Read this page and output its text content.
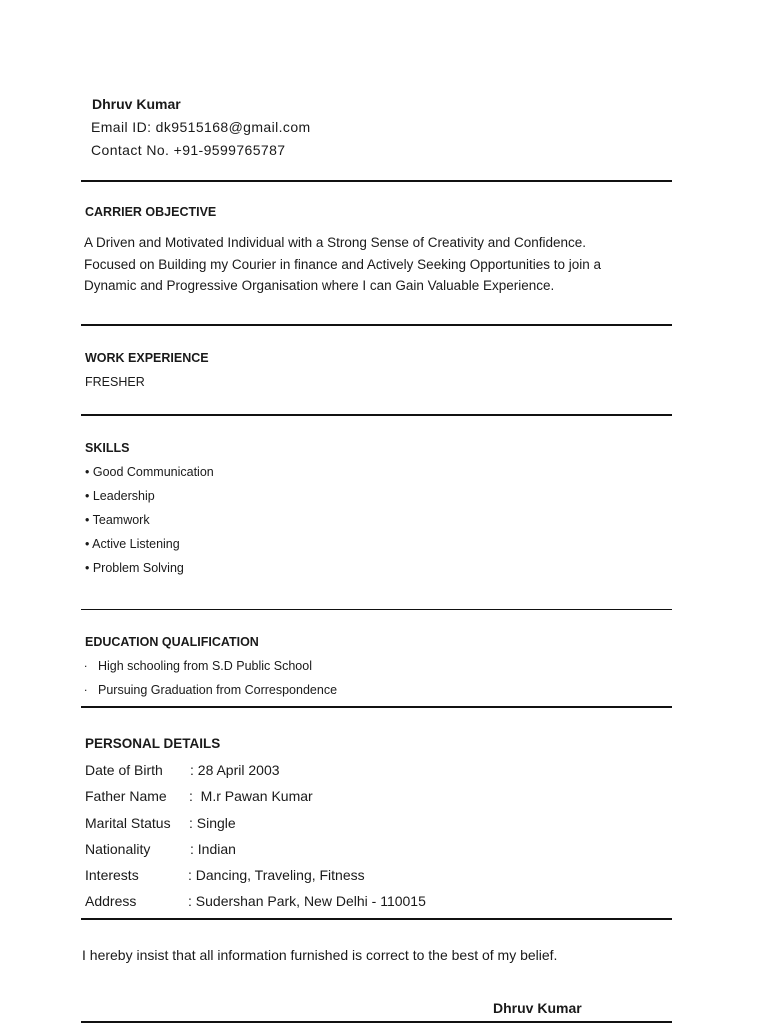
Dhruv Kumar
Email ID: dk9515168@gmail.com
Contact No. +91-9599765787
CARRIER OBJECTIVE
A Driven and Motivated Individual with a Strong Sense of Creativity and Confidence.
Focused on Building my Courier in finance and Actively Seeking Opportunities to join a
Dynamic and Progressive Organisation where I can Gain Valuable Experience.
WORK EXPERIENCE
FRESHER
SKILLS
• Good Communication
• Leadership
• Teamwork
• Active Listening
• Problem Solving
EDUCATION QUALIFICATION
. High schooling from S.D Public School
. Pursuing Graduation from Correspondence
PERSONAL DETAILS
Date of Birth : 28 April 2003
Father Name :  M.r Pawan Kumar
Marital Status : Single
Nationality	: Indian
Interests	: Dancing, Traveling, Fitness
Address	: Sudershan Park, New Delhi - 110015
I hereby insist that all information furnished is correct to the best of my belief.
Dhruv Kumar
